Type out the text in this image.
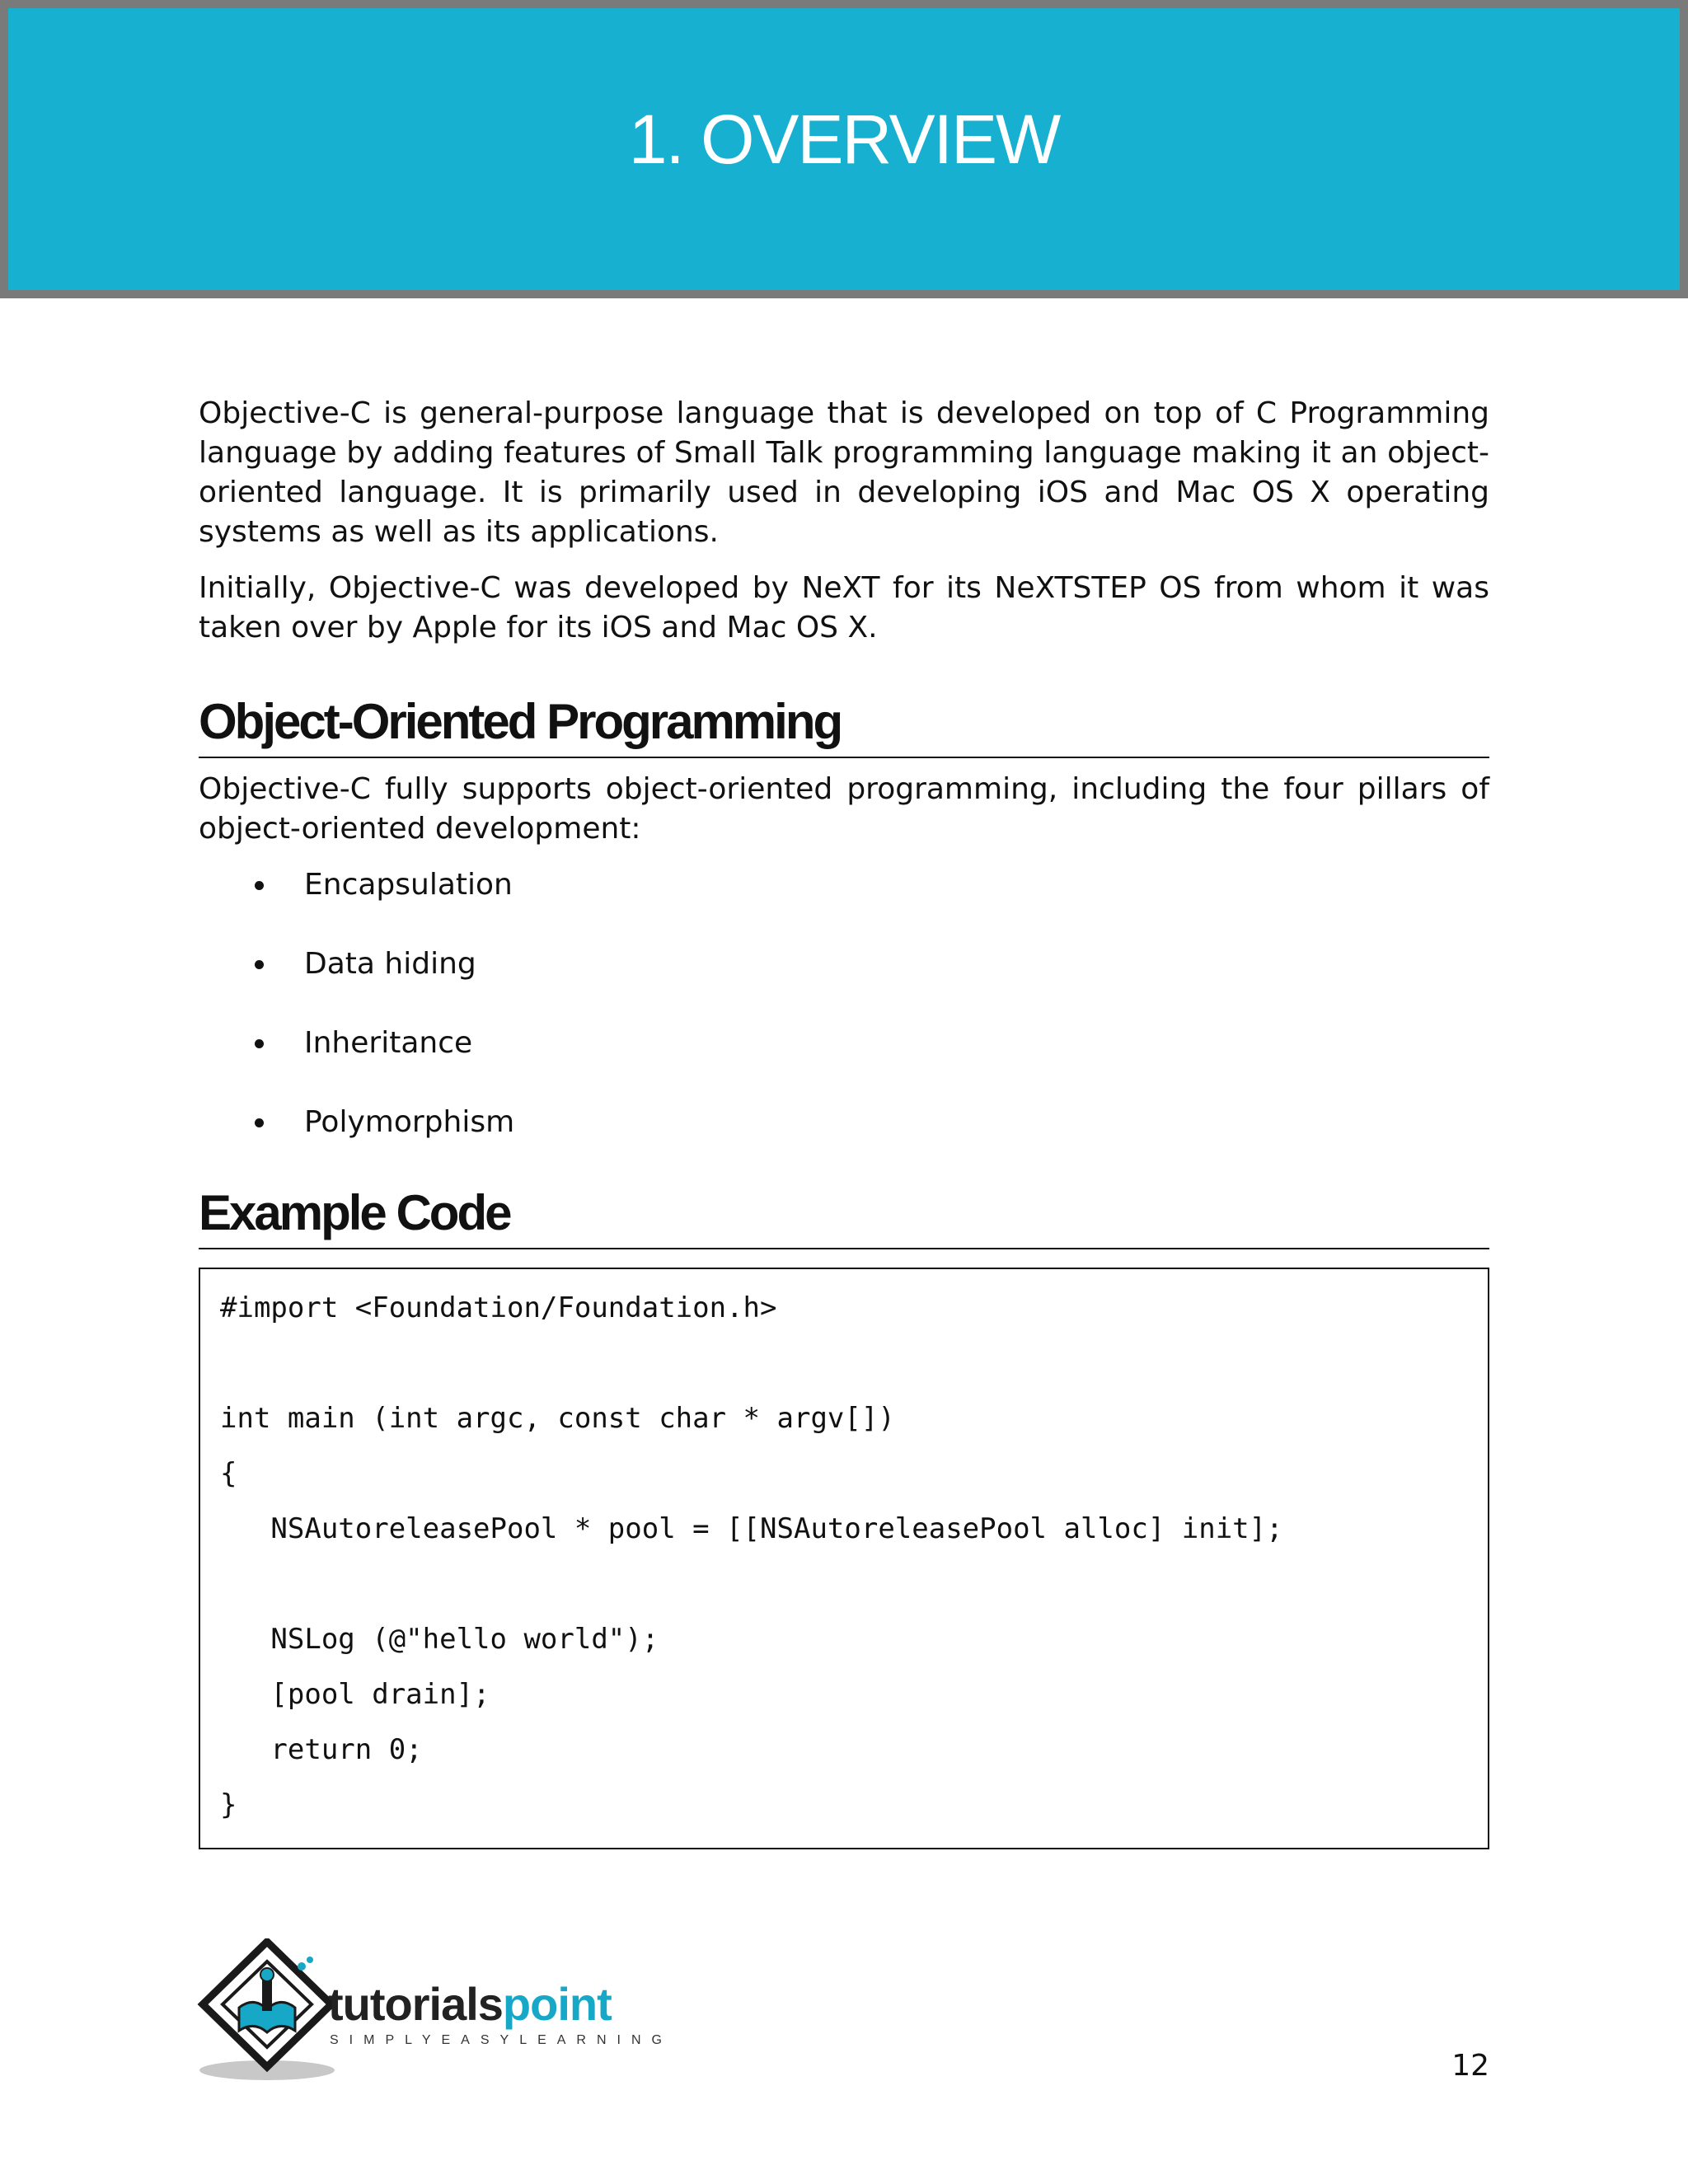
1. OVERVIEW

Objective-C is general-purpose language that is developed on top of C Programming language by adding features of Small Talk programming language making it an object-oriented language. It is primarily used in developing iOS and Mac OS X operating systems as well as its applications.

Initially, Objective-C was developed by NeXT for its NeXTSTEP OS from whom it was taken over by Apple for its iOS and Mac OS X.

Object-Oriented Programming

Objective-C fully supports object-oriented programming, including the four pillars of object-oriented development:

Encapsulation
Data hiding
Inheritance
Polymorphism
Example Code
#import <Foundation/Foundation.h>
int main (int argc, const char * argv[])
{
NSAutoreleasePool * pool = [[NSAutoreleasePool alloc] init];
NSLog (@"hello world");
[pool drain];
return 0;
}
tutorialspoint
SIMPLYEASYLEARNING
12
